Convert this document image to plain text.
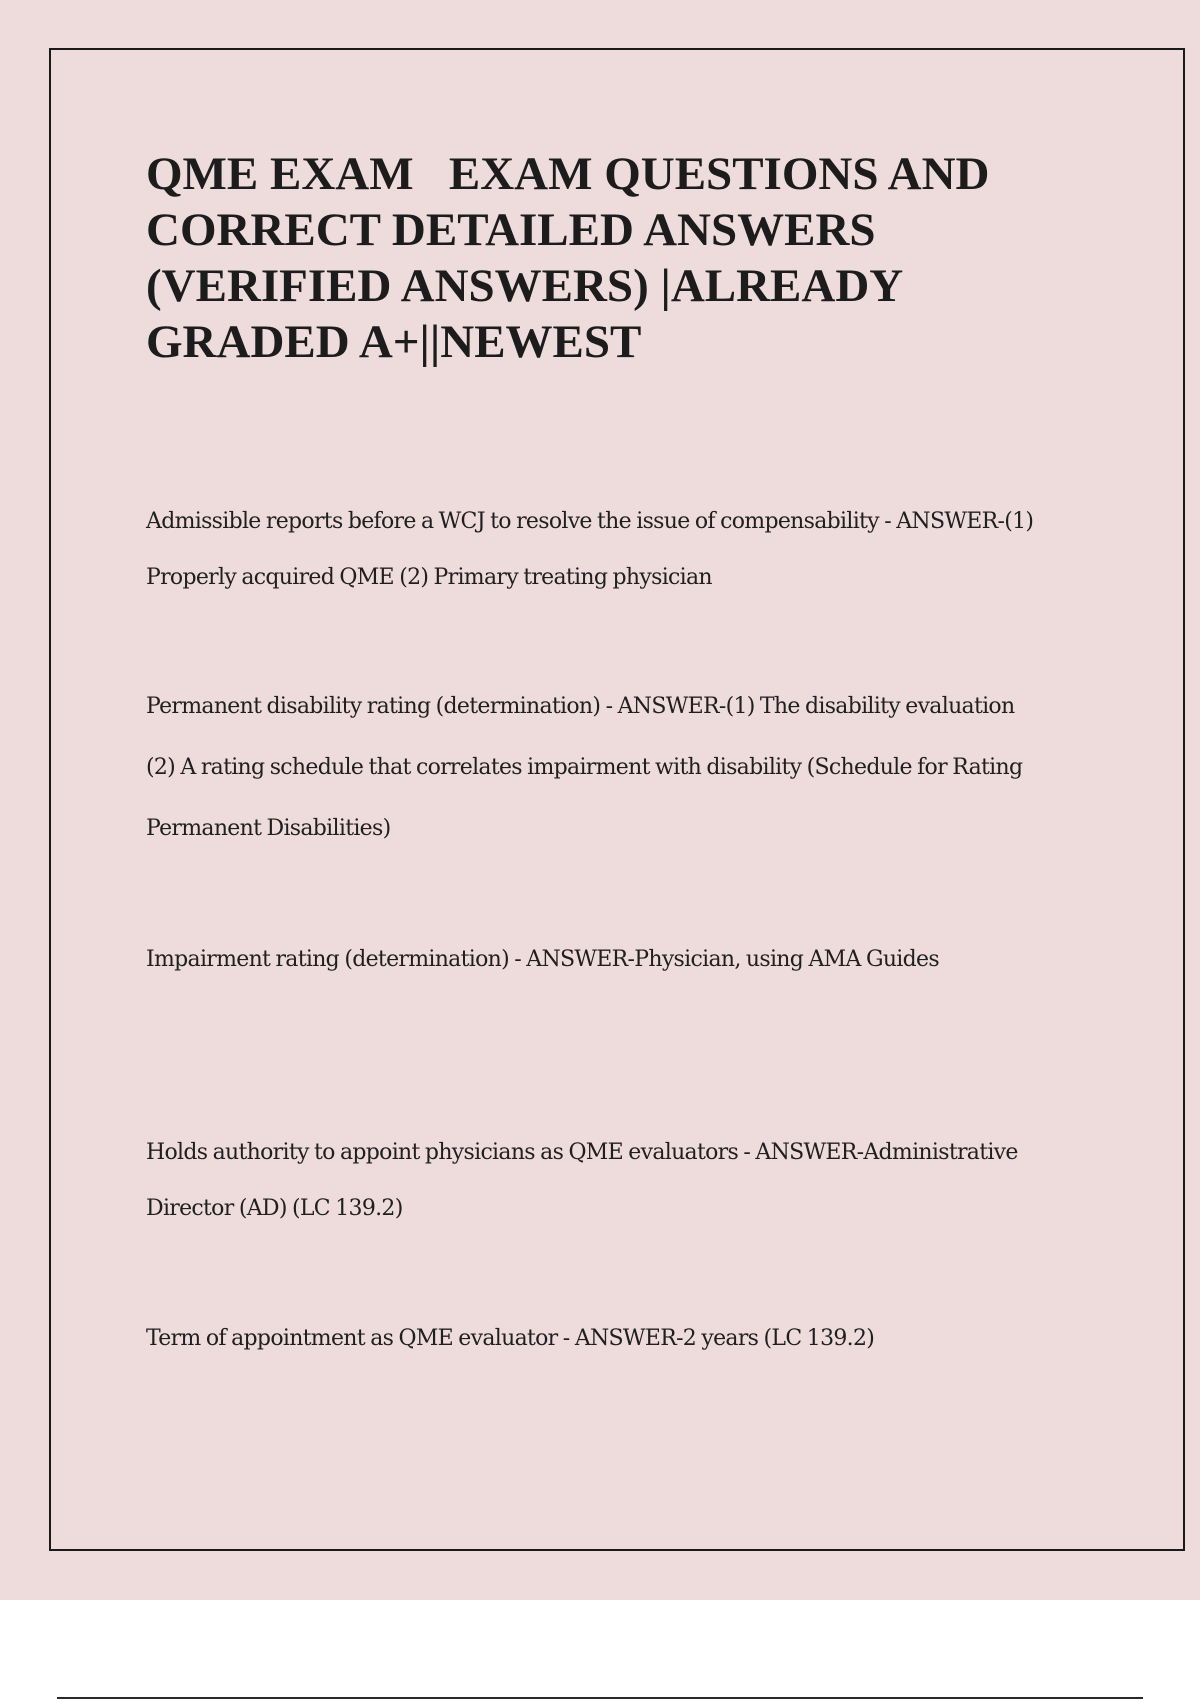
QME EXAM   EXAM QUESTIONS AND
CORRECT DETAILED ANSWERS
(VERIFIED ANSWERS) |ALREADY
GRADED A+||NEWEST
Admissible reports before a WCJ to resolve the issue of compensability - ANSWER-(1)
Properly acquired QME (2) Primary treating physician
Permanent disability rating (determination) - ANSWER-(1) The disability evaluation
(2) A rating schedule that correlates impairment with disability (Schedule for Rating
Permanent Disabilities)
Impairment rating (determination) - ANSWER-Physician, using AMA Guides
Holds authority to appoint physicians as QME evaluators - ANSWER-Administrative
Director (AD) (LC 139.2)
Term of appointment as QME evaluator - ANSWER-2 years (LC 139.2)
